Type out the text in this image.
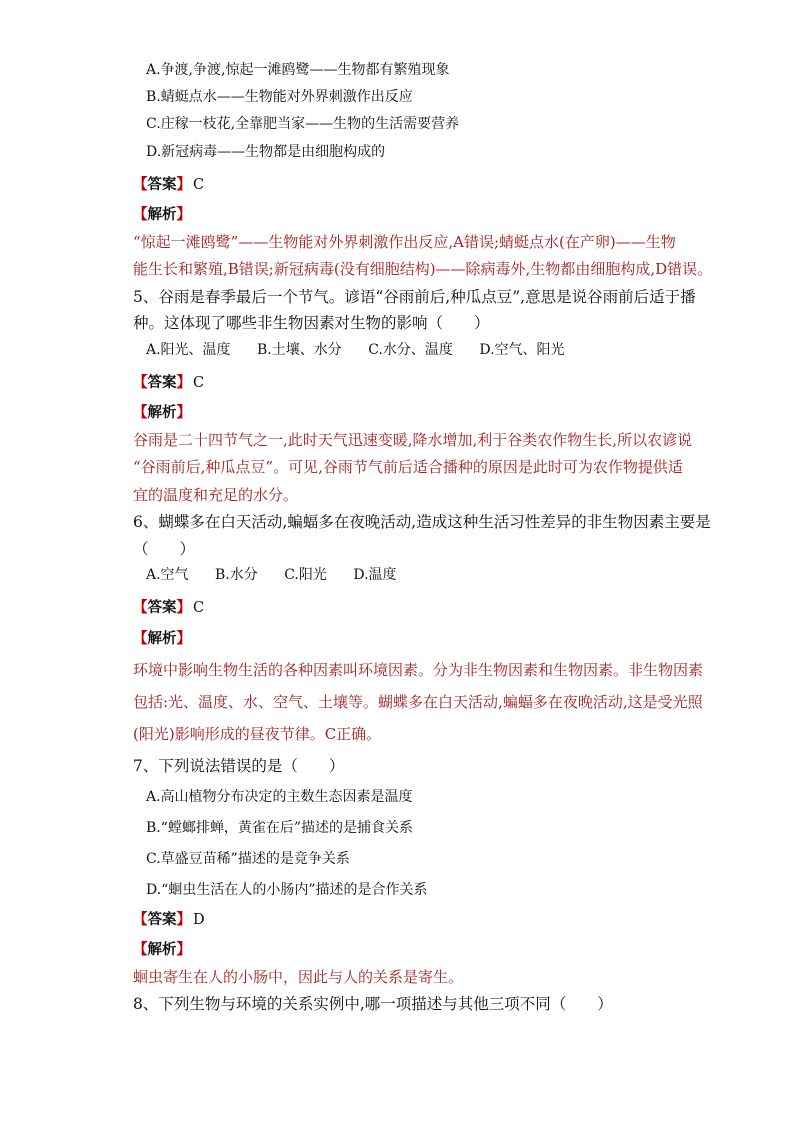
A.争渡,争渡,惊起一滩鸥鹭——生物都有繁殖现象
B.蜻蜓点水——生物能对外界刺激作出反应
C.庄稼一枝花,全靠肥当家——生物的生活需要营养
D.新冠病毒——生物都是由细胞构成的
【答案】 C
【解析】
“惊起一滩鸥鹭”——生物能对外界刺激作出反应,A错误;蜻蜓点水(在产卵)——生物
能生长和繁殖,B错误;新冠病毒(没有细胞结构)——除病毒外,生物都由细胞构成,D错误。
5、谷雨是春季最后一个节气。谚语“谷雨前后,种瓜点豆”,意思是说谷雨前后适于播
种。这体现了哪些非生物因素对生物的影响（　　）
A.阳光、温度 B.土壤、水分 C.水分、温度 D.空气、阳光
【答案】 C
【解析】
谷雨是二十四节气之一,此时天气迅速变暖,降水增加,利于谷类农作物生长,所以农谚说
“谷雨前后,种瓜点豆”。可见,谷雨节气前后适合播种的原因是此时可为农作物提供适
宜的温度和充足的水分。
6、蝴蝶多在白天活动,蝙蝠多在夜晚活动,造成这种生活习性差异的非生物因素主要是
（　　）
A.空气 B.水分 C.阳光 D.温度
【答案】 C
【解析】
环境中影响生物生活的各种因素叫环境因素。分为非生物因素和生物因素。非生物因素
包括:光、温度、水、空气、土壤等。蝴蝶多在白天活动,蝙蝠多在夜晚活动,这是受光照
(阳光)影响形成的昼夜节律。C正确。
7、下列说法错误的是（　　）
A.高山植物分布决定的主数生态因素是温度
B.“螳螂排蝉，黄雀在后”描述的是捕食关系
C.草盛豆苗稀”描述的是竞争关系
D.“蛔虫生活在人的小肠内”描述的是合作关系
【答案】 D
【解析】
蛔虫寄生在人的小肠中，因此与人的关系是寄生。
8、下列生物与环境的关系实例中,哪一项描述与其他三项不同（　　）
